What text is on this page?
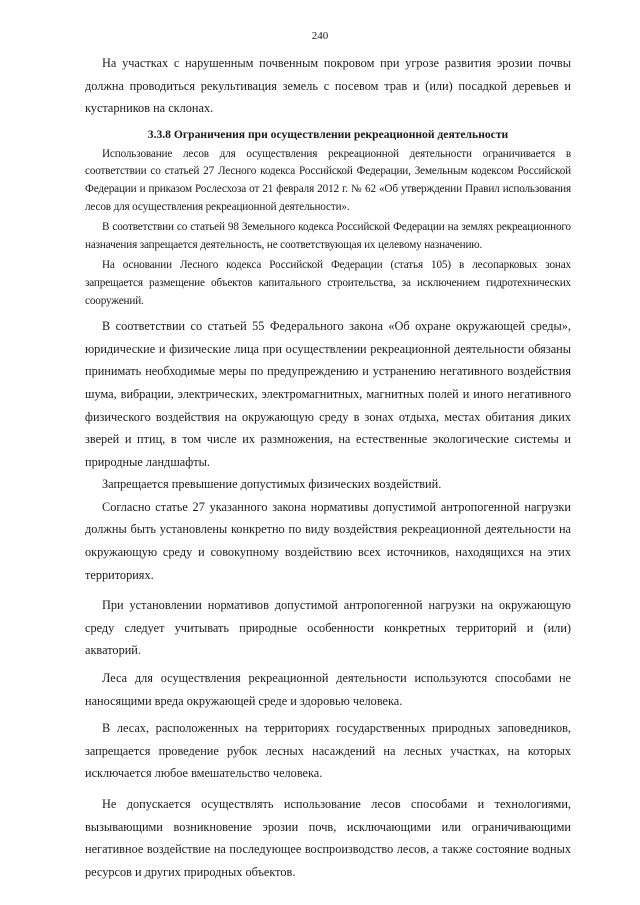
240

На участках с нарушенным почвенным покровом при угрозе развития эрозии почвы должна проводиться рекультивация земель с посевом трав и (или) посадкой деревьев и кустарников на склонах.

3.3.8 Ограничения при осуществлении рекреационной деятельности

Использование лесов для осуществления рекреационной деятельности ограничивается в соответствии со статьей 27 Лесного кодекса Российской Федерации, Земельным кодексом Российской Федерации и приказом Рослесхоза от 21 февраля 2012 г. № 62 «Об утверждении Правил использования лесов для осуществления рекреационной деятельности».

В соответствии со статьей 98 Земельного кодекса Российской Федерации на землях рекреационного назначения запрещается деятельность, не соответствующая их целевому назначению.

На основании Лесного кодекса Российской Федерации (статья 105) в лесопарковых зонах запрещается размещение объектов капитального строительства, за исключением гидротехнических сооружений.

В соответствии со статьей 55 Федерального закона «Об охране окружающей среды», юридические и физические лица при осуществлении рекреационной деятельности обязаны принимать необходимые меры по предупреждению и устранению негативного воздействия шума, вибрации, электрических, электромагнитных, магнитных полей и иного негативного физического воздействия на окружающую среду в зонах отдыха, местах обитания диких зверей и птиц, в том числе их размножения, на естественные экологические системы и природные ландшафты.

Запрещается превышение допустимых физических воздействий.

Согласно статье 27 указанного закона нормативы допустимой антропогенной нагрузки должны быть установлены конкретно по виду воздействия рекреационной деятельности на окружающую среду и совокупному воздействию всех источников, находящихся на этих территориях.

При установлении нормативов допустимой антропогенной нагрузки на окружающую среду следует учитывать природные особенности конкретных территорий и (или) акваторий.

Леса для осуществления рекреационной деятельности используются способами не наносящими вреда окружающей среде и здоровью человека.

В лесах, расположенных на территориях государственных природных заповедников, запрещается проведение рубок лесных насаждений на лесных участках, на которых исключается любое вмешательство человека.

Не допускается осуществлять использование лесов способами и технологиями, вызывающими возникновение эрозии почв, исключающими или ограничивающими негативное воздействие на последующее воспроизводство лесов, а также состояние водных ресурсов и других природных объектов.
